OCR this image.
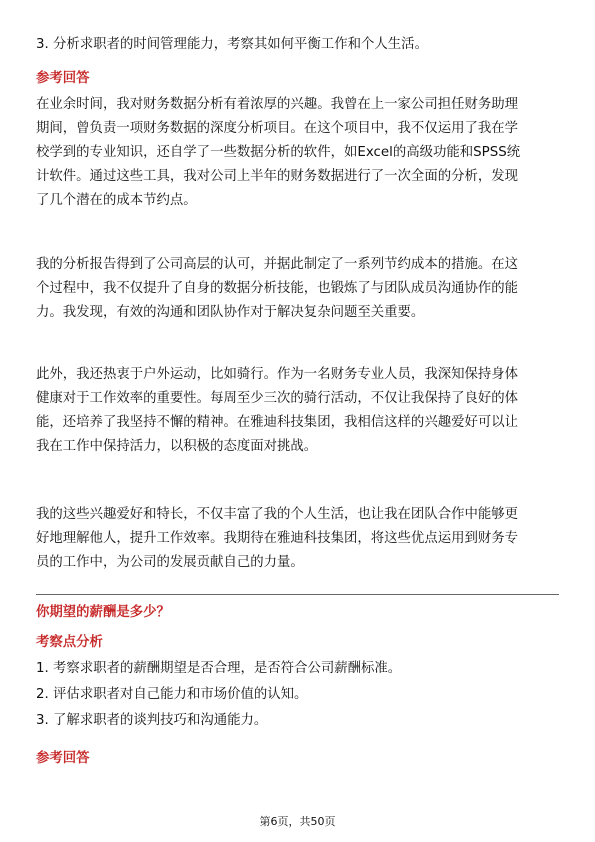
3. 分析求职者的时间管理能力，考察其如何平衡工作和个人生活。
参考回答
在业余时间，我对财务数据分析有着浓厚的兴趣。我曾在上一家公司担任财务助理
期间，曾负责一项财务数据的深度分析项目。在这个项目中，我不仅运用了我在学
校学到的专业知识，还自学了一些数据分析的软件，如Excel的高级功能和SPSS统
计软件。通过这些工具，我对公司上半年的财务数据进行了一次全面的分析，发现
了几个潜在的成本节约点。
我的分析报告得到了公司高层的认可，并据此制定了一系列节约成本的措施。在这
个过程中，我不仅提升了自身的数据分析技能，也锻炼了与团队成员沟通协作的能
力。我发现，有效的沟通和团队协作对于解决复杂问题至关重要。
此外，我还热衷于户外运动，比如骑行。作为一名财务专业人员，我深知保持身体
健康对于工作效率的重要性。每周至少三次的骑行活动，不仅让我保持了良好的体
能，还培养了我坚持不懈的精神。在雅迪科技集团，我相信这样的兴趣爱好可以让
我在工作中保持活力，以积极的态度面对挑战。
我的这些兴趣爱好和特长，不仅丰富了我的个人生活，也让我在团队合作中能够更
好地理解他人，提升工作效率。我期待在雅迪科技集团，将这些优点运用到财务专
员的工作中，为公司的发展贡献自己的力量。
你期望的薪酬是多少？
考察点分析
1. 考察求职者的薪酬期望是否合理，是否符合公司薪酬标准。
2. 评估求职者对自己能力和市场价值的认知。
3. 了解求职者的谈判技巧和沟通能力。
参考回答
第6页，共50页
